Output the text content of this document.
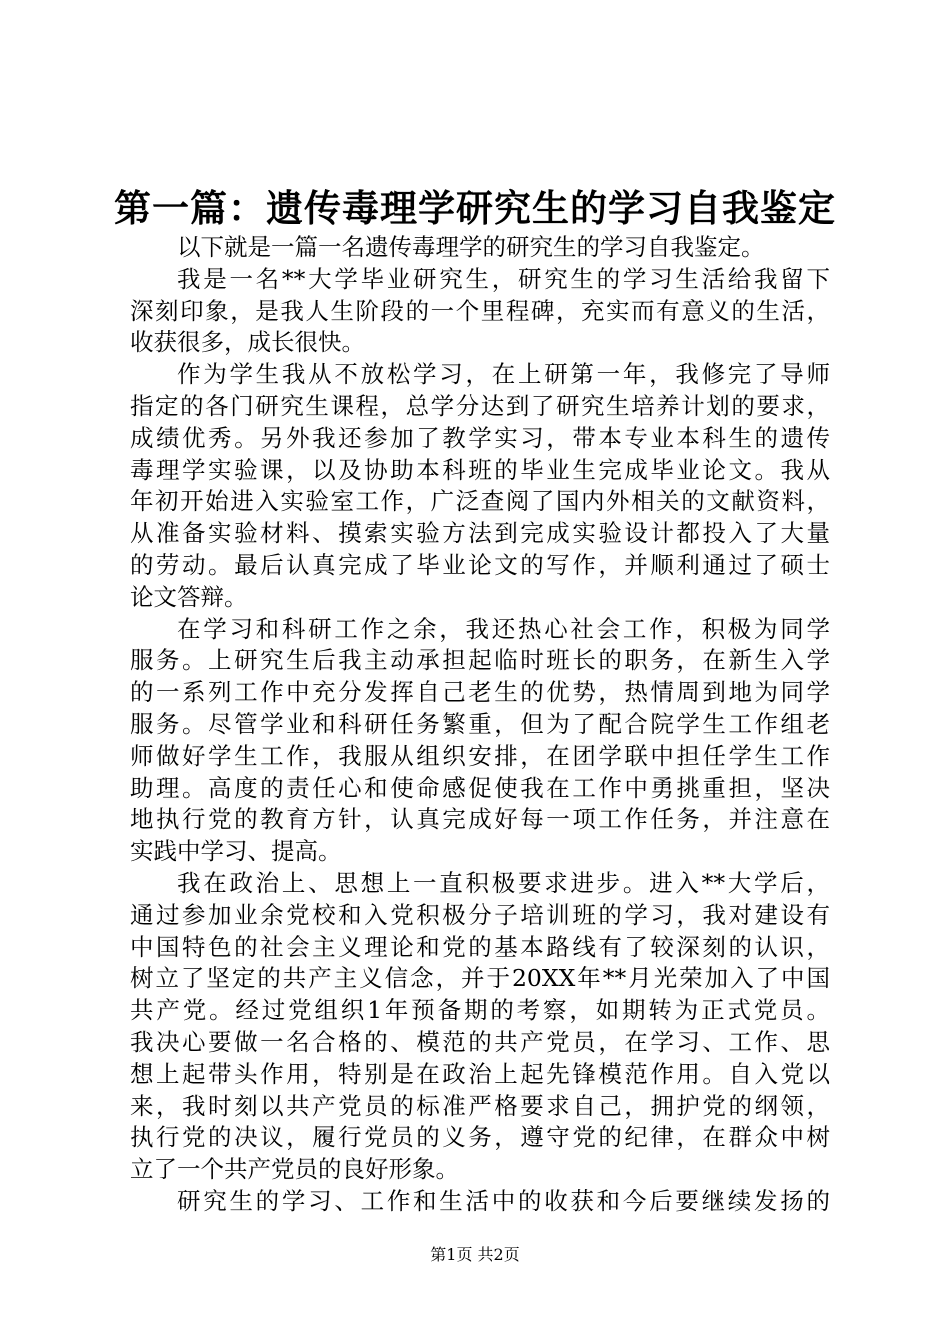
第一篇：遗传毒理学研究生的学习自我鉴定

以下就是一篇一名遗传毒理学的研究生的学习自我鉴定。

我是一名**大学毕业研究生，研究生的学习生活给我留下
深刻印象，是我人生阶段的一个里程碑，充实而有意义的生活，
收获很多，成长很快。

作为学生我从不放松学习，在上研第一年，我修完了导师
指定的各门研究生课程，总学分达到了研究生培养计划的要求，
成绩优秀。另外我还参加了教学实习，带本专业本科生的遗传
毒理学实验课，以及协助本科班的毕业生完成毕业论文。我从
年初开始进入实验室工作，广泛查阅了国内外相关的文献资料，
从准备实验材料、摸索实验方法到完成实验设计都投入了大量
的劳动。最后认真完成了毕业论文的写作，并顺利通过了硕士
论文答辩。

在学习和科研工作之余，我还热心社会工作，积极为同学
服务。上研究生后我主动承担起临时班长的职务，在新生入学
的一系列工作中充分发挥自己老生的优势，热情周到地为同学
服务。尽管学业和科研任务繁重，但为了配合院学生工作组老
师做好学生工作，我服从组织安排，在团学联中担任学生工作
助理。高度的责任心和使命感促使我在工作中勇挑重担，坚决
地执行党的教育方针，认真完成好每一项工作任务，并注意在
实践中学习、提高。

我在政治上、思想上一直积极要求进步。进入**大学后，
通过参加业余党校和入党积极分子培训班的学习，我对建设有
中国特色的社会主义理论和党的基本路线有了较深刻的认识，
树立了坚定的共产主义信念，并于20XX年**月光荣加入了中国
共产党。经过党组织1年预备期的考察，如期转为正式党员。
我决心要做一名合格的、模范的共产党员，在学习、工作、思
想上起带头作用，特别是在政治上起先锋模范作用。自入党以
来，我时刻以共产党员的标准严格要求自己，拥护党的纲领，
执行党的决议，履行党员的义务，遵守党的纪律，在群众中树
立了一个共产党员的良好形象。

研究生的学习、工作和生活中的收获和今后要继续发扬的

第1页 共2页
